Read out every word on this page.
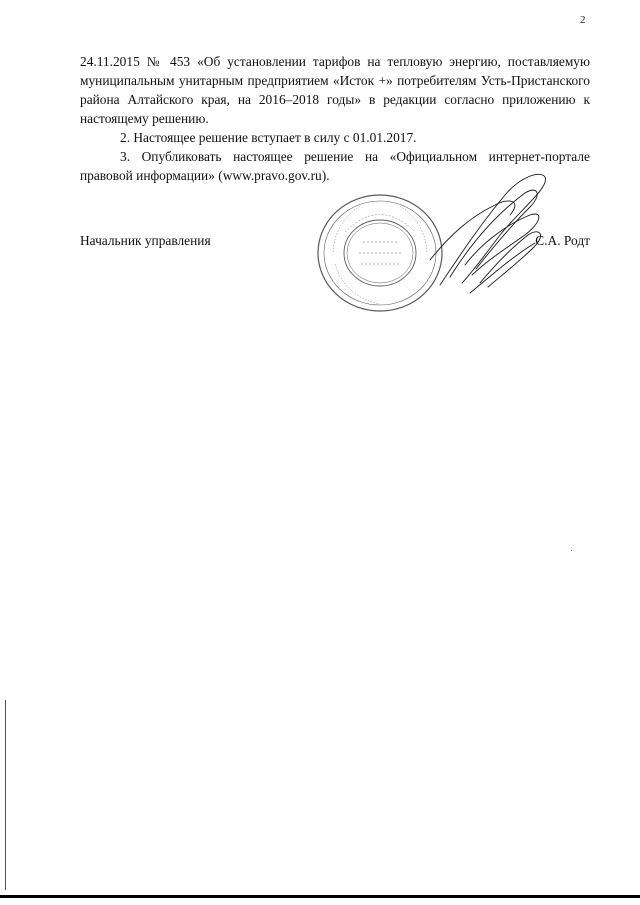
2

24.11.2015 № 453 «Об установлении тарифов на тепловую энергию, поставляемую муниципальным унитарным предприятием «Исток +» потребителям Усть-Пристанского района Алтайского края, на 2016–2018 годы» в редакции согласно приложению к настоящему решению.

2. Настоящее решение вступает в силу с 01.01.2017.

3. Опубликовать настоящее решение на «Официальном интернет-портале правовой информации» (www.pravo.gov.ru).

Начальник управления	С.А. Родт
